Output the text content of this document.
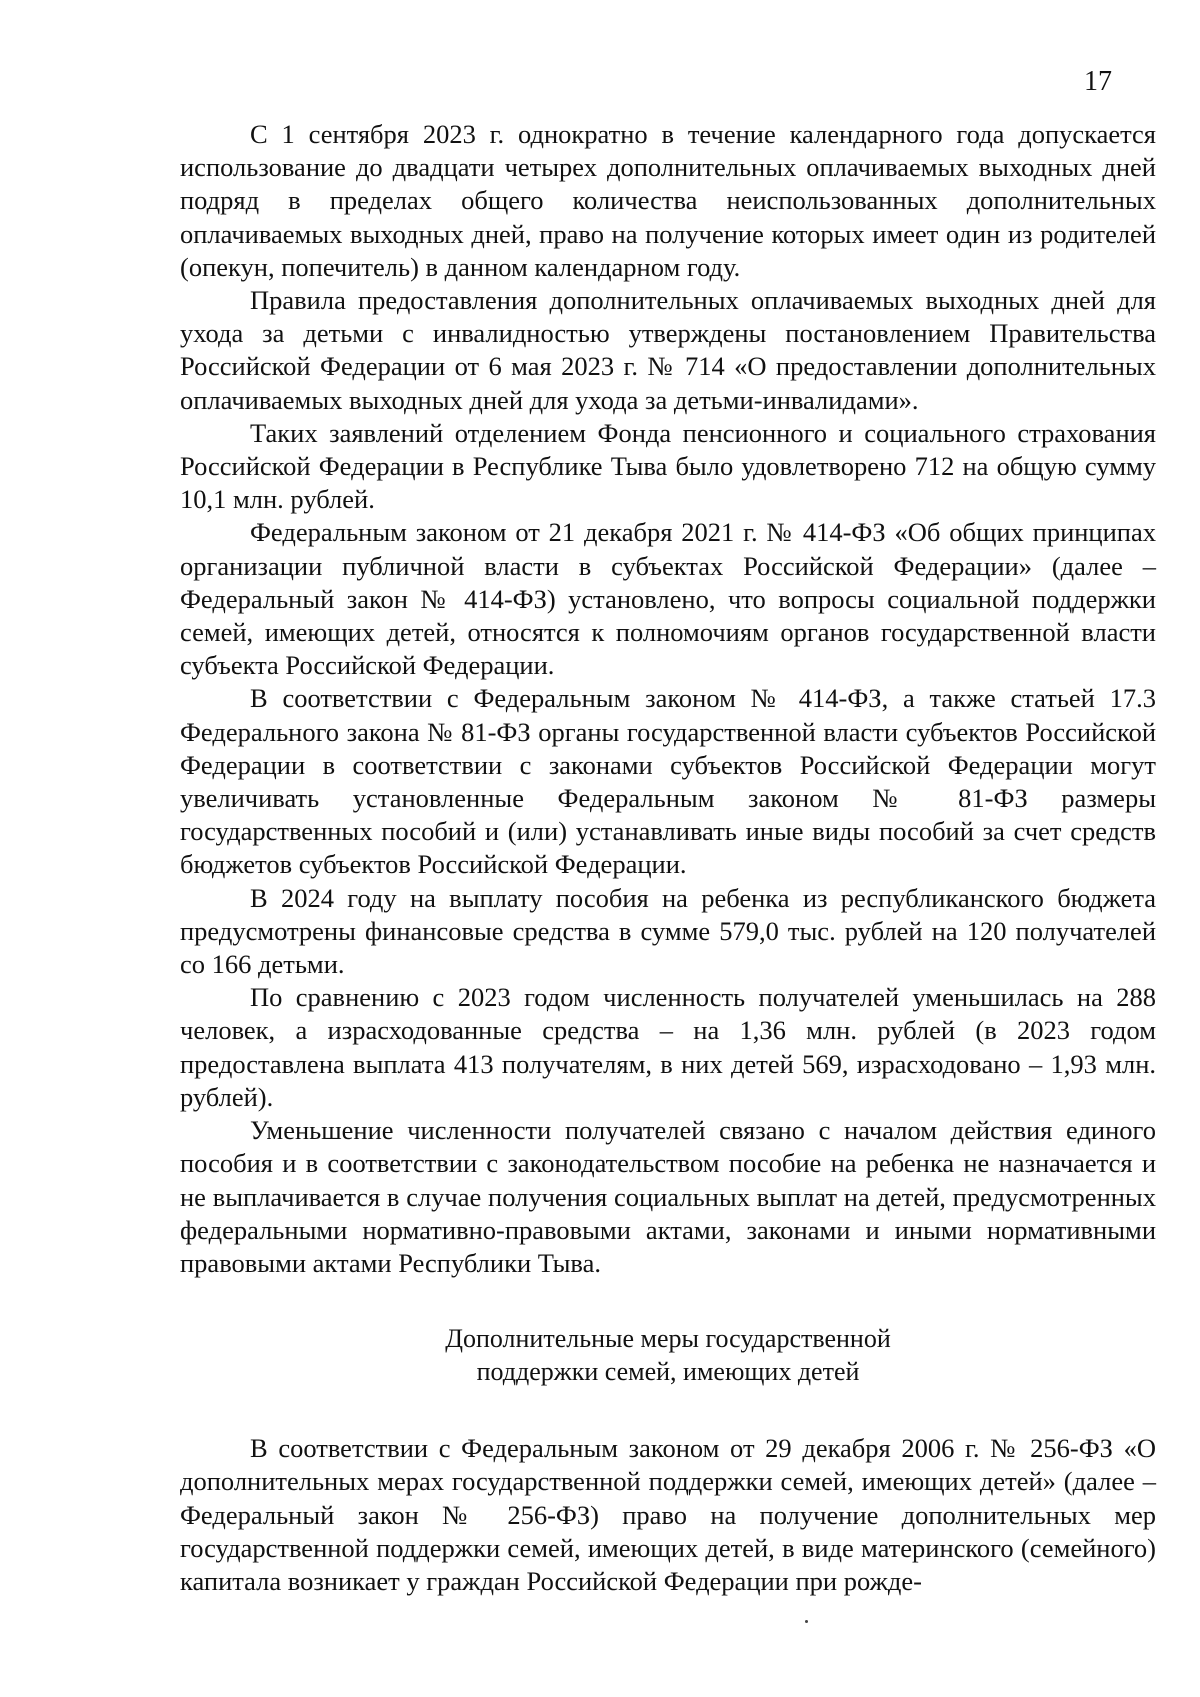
17

С 1 сентября 2023 г. однократно в течение календарного года допускается использование до двадцати четырех дополнительных оплачиваемых выходных дней подряд в пределах общего количества неиспользованных дополнительных оплачиваемых выходных дней, право на получение которых имеет один из родителей (опекун, попечитель) в данном календарном году.

Правила предоставления дополнительных оплачиваемых выходных дней для ухода за детьми с инвалидностью утверждены постановлением Правительства Российской Федерации от 6 мая 2023 г. № 714 «О предоставлении дополнительных оплачиваемых выходных дней для ухода за детьми-инвалидами».

Таких заявлений отделением Фонда пенсионного и социального страхования Российской Федерации в Республике Тыва было удовлетворено 712 на общую сумму 10,1 млн. рублей.

Федеральным законом от 21 декабря 2021 г. № 414-ФЗ «Об общих принципах организации публичной власти в субъектах Российской Федерации» (далее – Федеральный закон № 414-ФЗ) установлено, что вопросы социальной поддержки семей, имеющих детей, относятся к полномочиям органов государственной власти субъекта Российской Федерации.

В соответствии с Федеральным законом № 414-ФЗ, а также статьей 17.3 Федерального закона № 81-ФЗ органы государственной власти субъектов Российской Федерации в соответствии с законами субъектов Российской Федерации могут увеличивать установленные Федеральным законом № 81-ФЗ размеры государственных пособий и (или) устанавливать иные виды пособий за счет средств бюджетов субъектов Российской Федерации.

В 2024 году на выплату пособия на ребенка из республиканского бюджета предусмотрены финансовые средства в сумме 579,0 тыс. рублей на 120 получателей со 166 детьми.

По сравнению с 2023 годом численность получателей уменьшилась на 288 человек, а израсходованные средства – на 1,36 млн. рублей (в 2023 годом предоставлена выплата 413 получателям, в них детей 569, израсходовано – 1,93 млн. рублей).

Уменьшение численности получателей связано с началом действия единого пособия и в соответствии с законодательством пособие на ребенка не назначается и не выплачивается в случае получения социальных выплат на детей, предусмотренных федеральными нормативно-правовыми актами, законами и иными нормативными правовыми актами Республики Тыва.

Дополнительные меры государственной
поддержки семей, имеющих детей

В соответствии с Федеральным законом от 29 декабря 2006 г. № 256-ФЗ «О дополнительных мерах государственной поддержки семей, имеющих детей» (далее – Федеральный закон № 256-ФЗ) право на получение дополнительных мер государственной поддержки семей, имеющих детей, в виде материнского (семейного) капитала возникает у граждан Российской Федерации при рожде-
